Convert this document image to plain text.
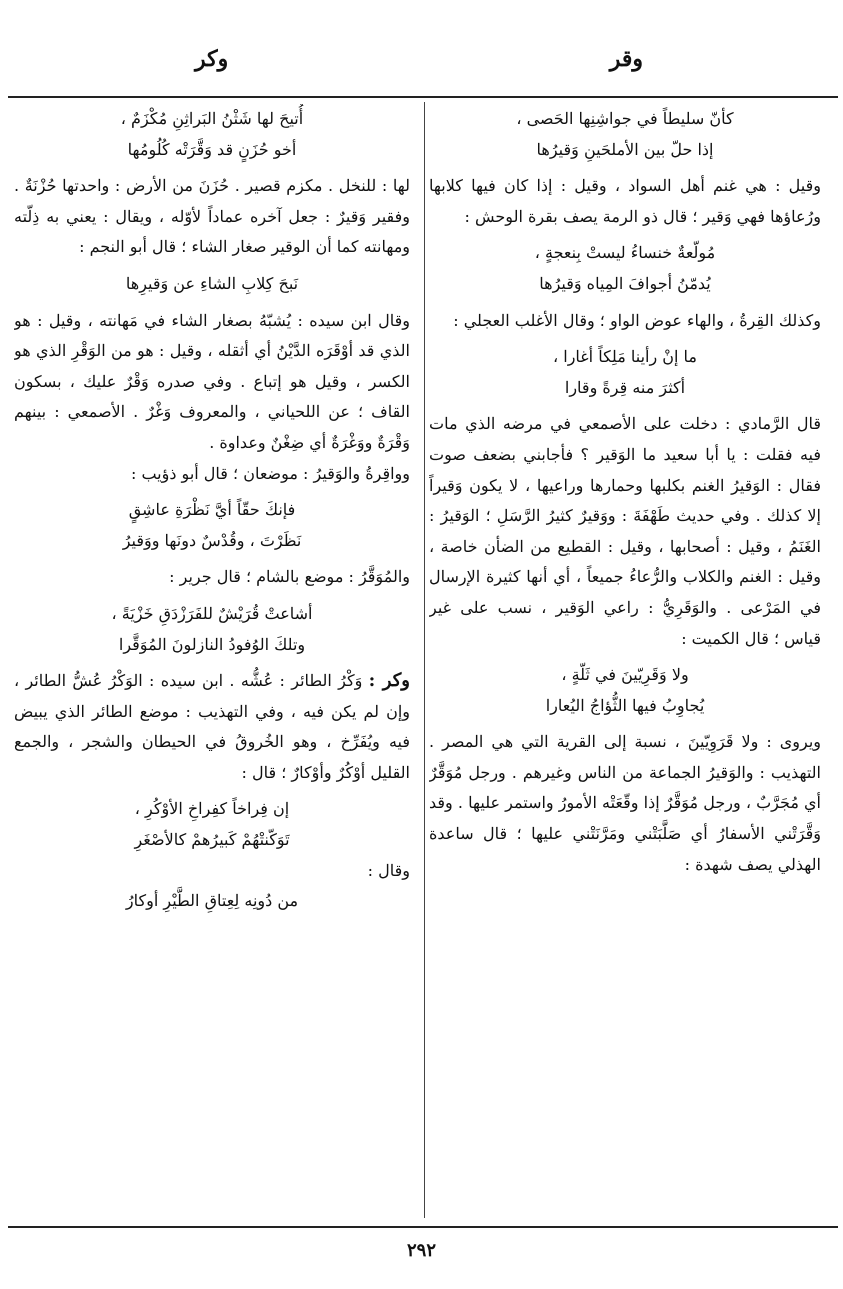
وقر
وكر
كأنّ سليطاً في جواشِنِها الحَصى ،
إذا حلّ بين الأملحَينِ وَقيرُها

وقيل : هي غنم أهل السواد ، وقيل : إذا كان فيها كلابها ورُعاؤها فهي وَقير ؛ قال ذو الرمة يصف بقرة الوحش :

مُولّعةٌ خنساءُ ليستْ بِنعجةٍ ،
يُدمّنُ أجوافَ المِياه وَقيرُها

وكذلك القِرةُ ، والهاء عوض الواو ؛ وقال الأغلب العجلي :

ما إنْ رأينا مَلِكاً أغارا ،
أكثرَ منه قِرةً وقارا

قال الرَّمادي : دخلت على الأصمعي في مرضه الذي مات فيه فقلت : يا أبا سعيد ما الوَقير ؟ فأجابني بضعف صوت فقال : الوَقيرُ الغنم بكلبها وحمارها وراعيها ، لا يكون وَقيراً إلا كذلك . وفي حديث طَهْفَةَ : ووَقيرٌ كثيرُ الرَّسَلِ ؛ الوَقيرُ : الغَنَمُ ، وقيل : أصحابها ، وقيل : القطيع من الضأن خاصة ، وقيل : الغنم والكلاب والرُّعاءُ جميعاً ، أي أنها كثيرة الإرسال في المَرْعى . والوَقَرِيُّ : راعي الوَقير ، نسب على غير قياس ؛ قال الكميت :

ولا وَقَرِيّينَ في ثَلّةٍ ،
يُجاوِبُ فيها الثُّؤاجُ اليُعارا

ويروى : ولا قَرَوِيّينَ ، نسبة إلى القرية التي هي المصر . التهذيب : والوَقيرُ الجماعة من الناس وغيرهم . ورجل مُوَقَّرٌ أي مُجَرَّبٌ ، ورجل مُوَقَّرٌ إذا وقّعَتْه الأمورُ واستمر عليها . وقد وَقَّرَتْني الأسفارُ أي صَلَّبَتْني ومَرَّنَتْني عليها ؛ قال ساعدة الهذلي يصف شهدة :

أُتيحَ لها شَثْنُ البَراثِنِ مُكْزَمٌ ،
أخو حُزَنٍ قد وَقَّرَتْه كُلُومُها

لها : للنخل . مكزم قصير . حُزَنَ من الأرض : واحدتها حُزْنَةٌ . وفقير وَقيرٌ : جعل آخره عماداً لأوّله ، ويقال : يعني به ذِلّته ومهانته كما أن الوقير صغار الشاء ؛ قال أبو النجم :

نَبحَ كِلابِ الشاءِ عن وَقيرِها

وقال ابن سيده : يُشبّهُ بصغار الشاء في مَهانته ، وقيل : هو الذي قد أوْقَرَه الدَّيْنُ أي أثقله ، وقيل : هو من الوَقْرِ الذي هو الكسر ، وقيل هو إتباع . وفي صدره وَقْرٌ عليك ، بسكون القاف ؛ عن اللحياني ، والمعروف وَغْرٌ . الأصمعي : بينهم وَقْرَةٌ ووَغْرَةٌ أي ضِغْنٌ وعداوة .

وواقِرةُ والوَقيرُ : موضعان ؛ قال أبو ذؤيب :

فإنكَ حقّاً أيَّ نَظْرَةِ عاشِقٍ
نَظَرْتَ ، وقُدْسٌ دونَها ووَقيرُ

والمُوَقَّرُ : موضع بالشام ؛ قال جرير :

أشاعتْ قُرَيْشٌ للفَرَزْدَقِ خَزْيَةً ،
وتلكَ الوُفودُ النازلونَ المُوَقَّرا

وكر : وَكْرُ الطائر : عُشُّه . ابن سيده : الوَكْرُ عُشُّ الطائر ، وإن لم يكن فيه ، وفي التهذيب : موضع الطائر الذي يبيض فيه ويُفَرِّخ ، وهو الخُروقُ في الحيطان والشجر ، والجمع القليل أوْكُرٌ وأوْكارٌ ؛ قال :

إن فِراخاً كفِراخِ الأوْكُرِ ،
تَوَكّنتْهُمْ كَبيرُهمْ كالأصْغَرِ

وقال :

من دُونِه لِعِتاقِ الطَّيْرِ أوكارُ
٢٩٢
